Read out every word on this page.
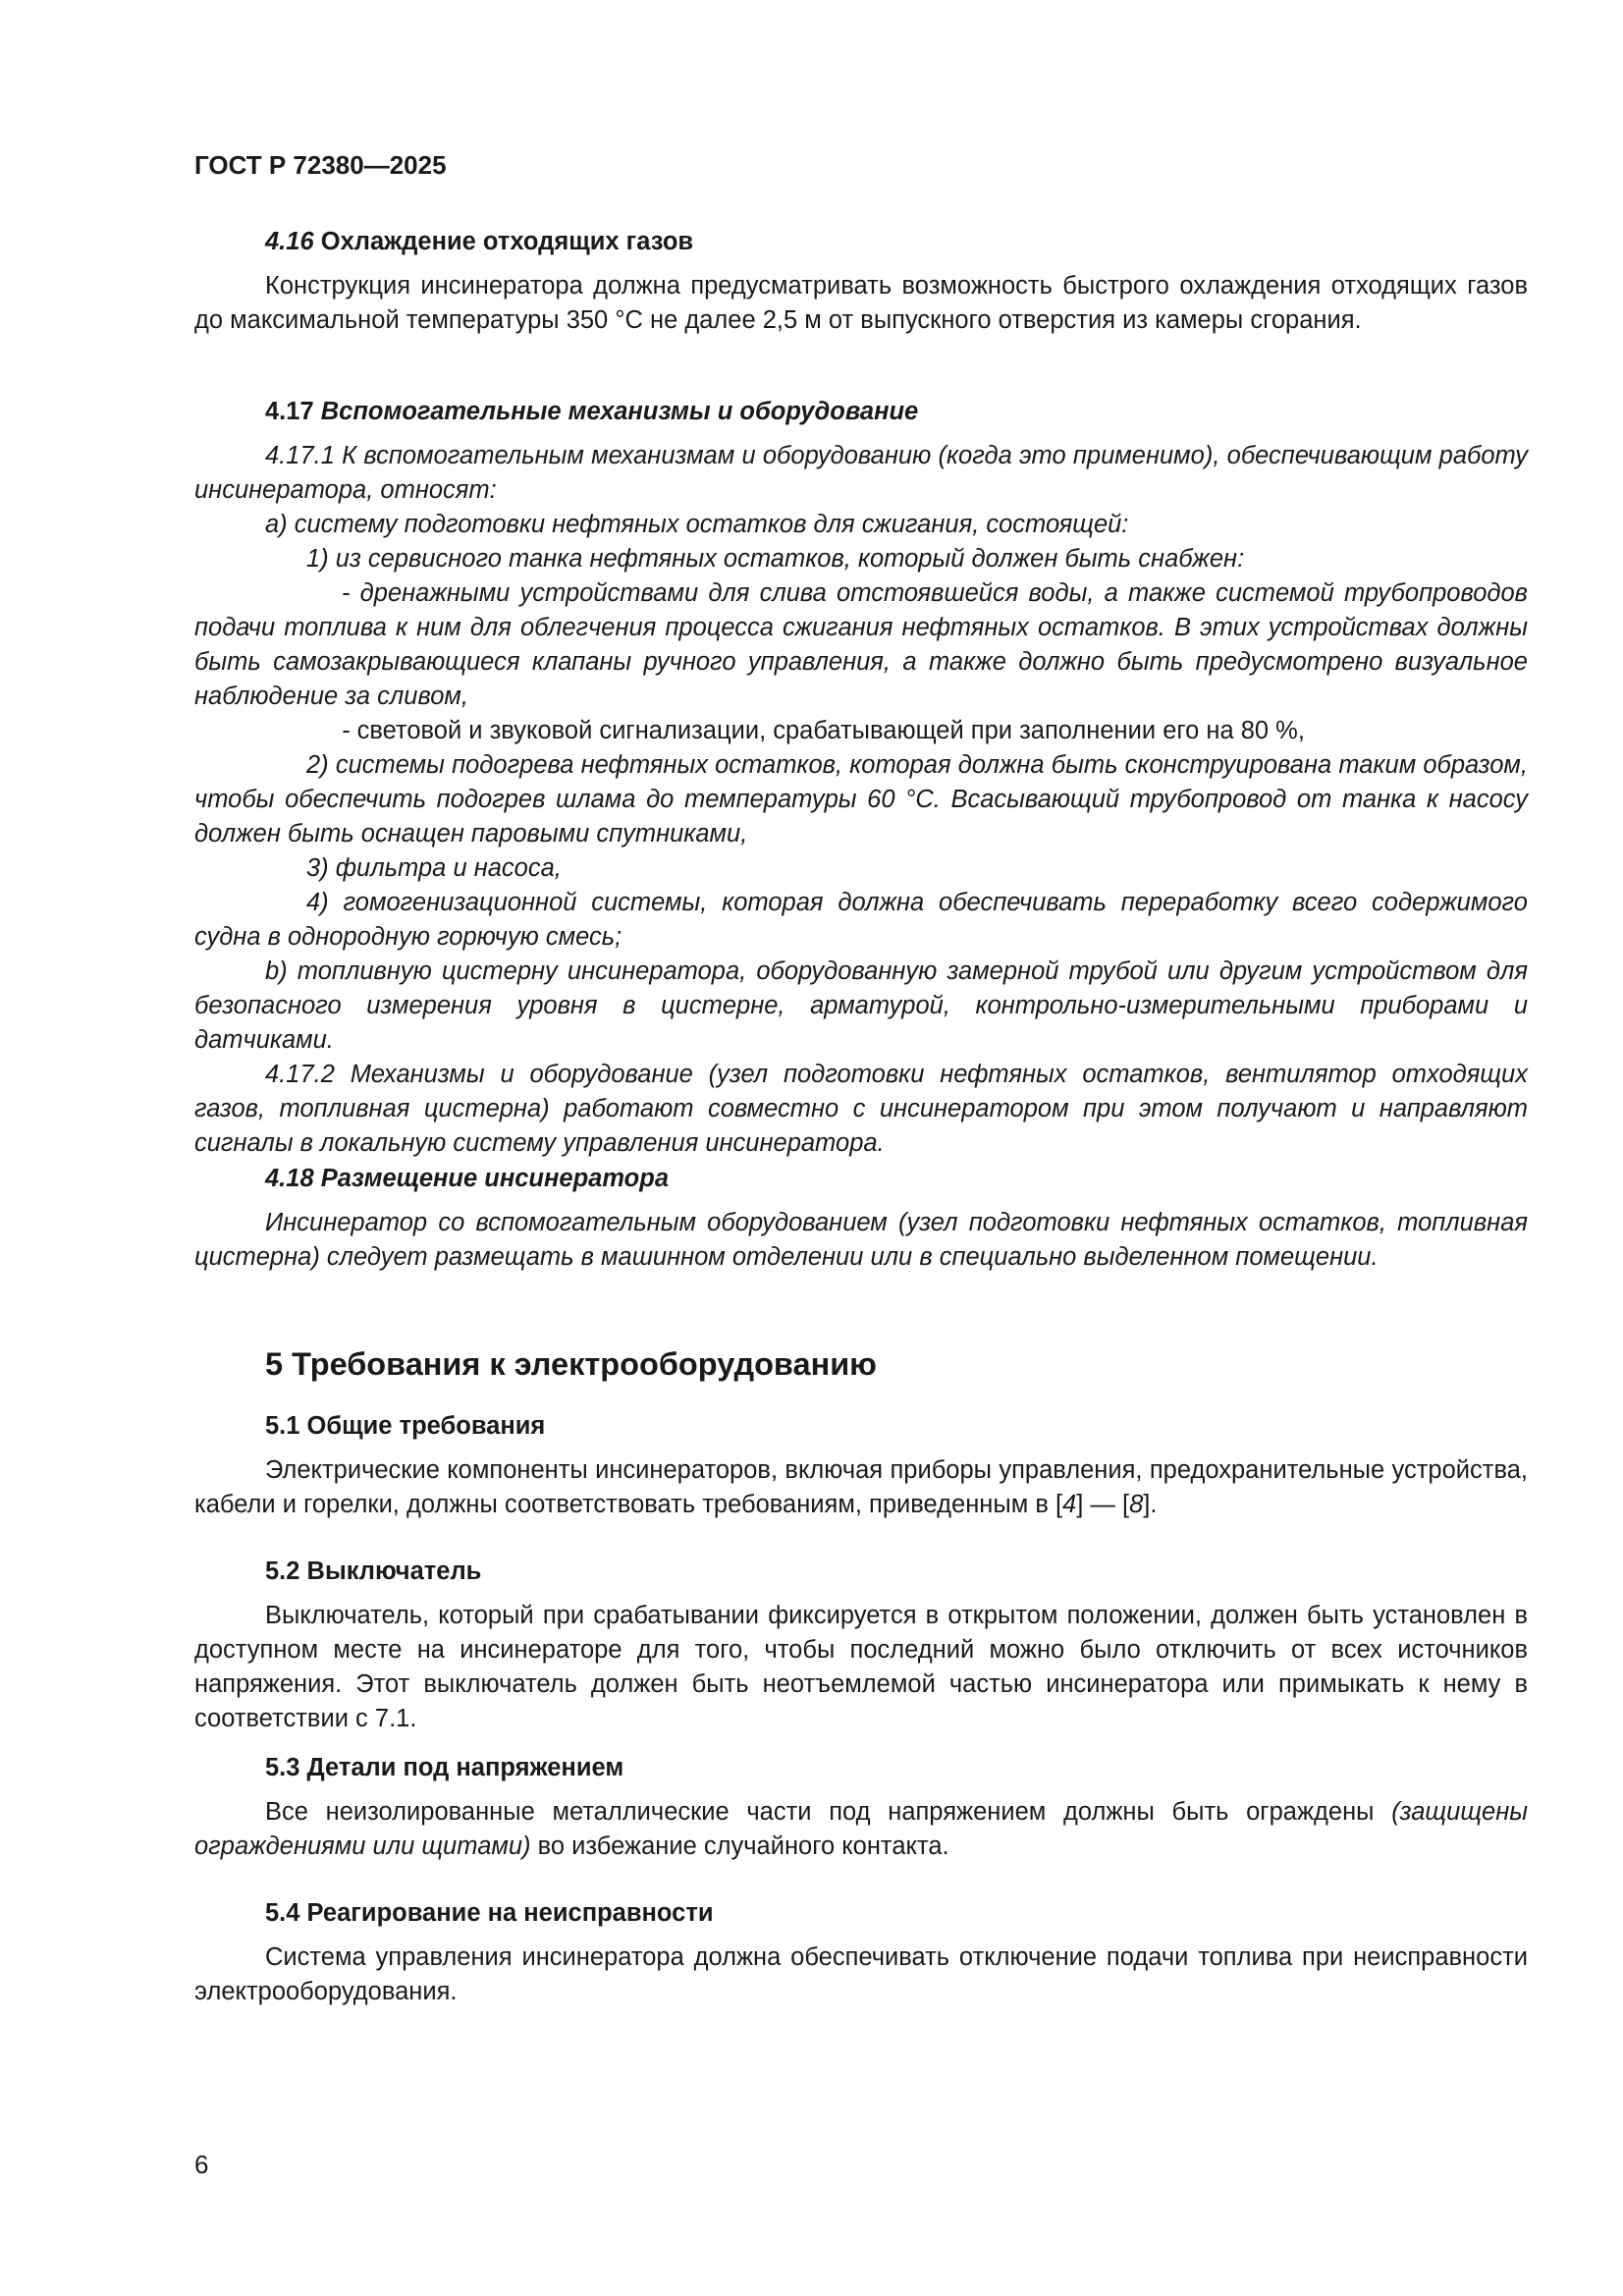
ГОСТ Р 72380—2025

4.16 Охлаждение отходящих газов

Конструкция инсинератора должна предусматривать возможность быстрого охлаждения отходящих газов до максимальной температуры 350 °С не далее 2,5 м от выпускного отверстия из камеры сгорания.

4.17 Вспомогательные механизмы и оборудование

4.17.1 К вспомогательным механизмам и оборудованию (когда это применимо), обеспечивающим работу инсинератора, относят:

а) систему подготовки нефтяных остатков для сжигания, состоящей:

1) из сервисного танка нефтяных остатков, который должен быть снабжен:

- дренажными устройствами для слива отстоявшейся воды, а также системой трубопроводов подачи топлива к ним для облегчения процесса сжигания нефтяных остатков. В этих устройствах должны быть самозакрывающиеся клапаны ручного управления, а также должно быть предусмотрено визуальное наблюдение за сливом,

- световой и звуковой сигнализации, срабатывающей при заполнении его на 80 %,

2) системы подогрева нефтяных остатков, которая должна быть сконструирована таким образом, чтобы обеспечить подогрев шлама до температуры 60 °С. Всасывающий трубопровод от танка к насосу должен быть оснащен паровыми спутниками,

3) фильтра и насоса,

4) гомогенизационной системы, которая должна обеспечивать переработку всего содержимого судна в однородную горючую смесь;

b) топливную цистерну инсинератора, оборудованную замерной трубой или другим устройством для безопасного измерения уровня в цистерне, арматурой, контрольно-измерительными приборами и датчиками.

4.17.2 Механизмы и оборудование (узел подготовки нефтяных остатков, вентилятор отходящих газов, топливная цистерна) работают совместно с инсинератором при этом получают и направляют сигналы в локальную систему управления инсинератора.

4.18 Размещение инсинератора

Инсинератор со вспомогательным оборудованием (узел подготовки нефтяных остатков, топливная цистерна) следует размещать в машинном отделении или в специально выделенном помещении.

5 Требования к электрооборудованию

5.1 Общие требования

Электрические компоненты инсинераторов, включая приборы управления, предохранительные устройства, кабели и горелки, должны соответствовать требованиям, приведенным в [4] — [8].

5.2 Выключатель

Выключатель, который при срабатывании фиксируется в открытом положении, должен быть установлен в доступном месте на инсинераторе для того, чтобы последний можно было отключить от всех источников напряжения. Этот выключатель должен быть неотъемлемой частью инсинератора или примыкать к нему в соответствии с 7.1.

5.3 Детали под напряжением

Все неизолированные металлические части под напряжением должны быть ограждены (защищены ограждениями или щитами) во избежание случайного контакта.

5.4 Реагирование на неисправности

Система управления инсинератора должна обеспечивать отключение подачи топлива при неисправности электрооборудования.

6
